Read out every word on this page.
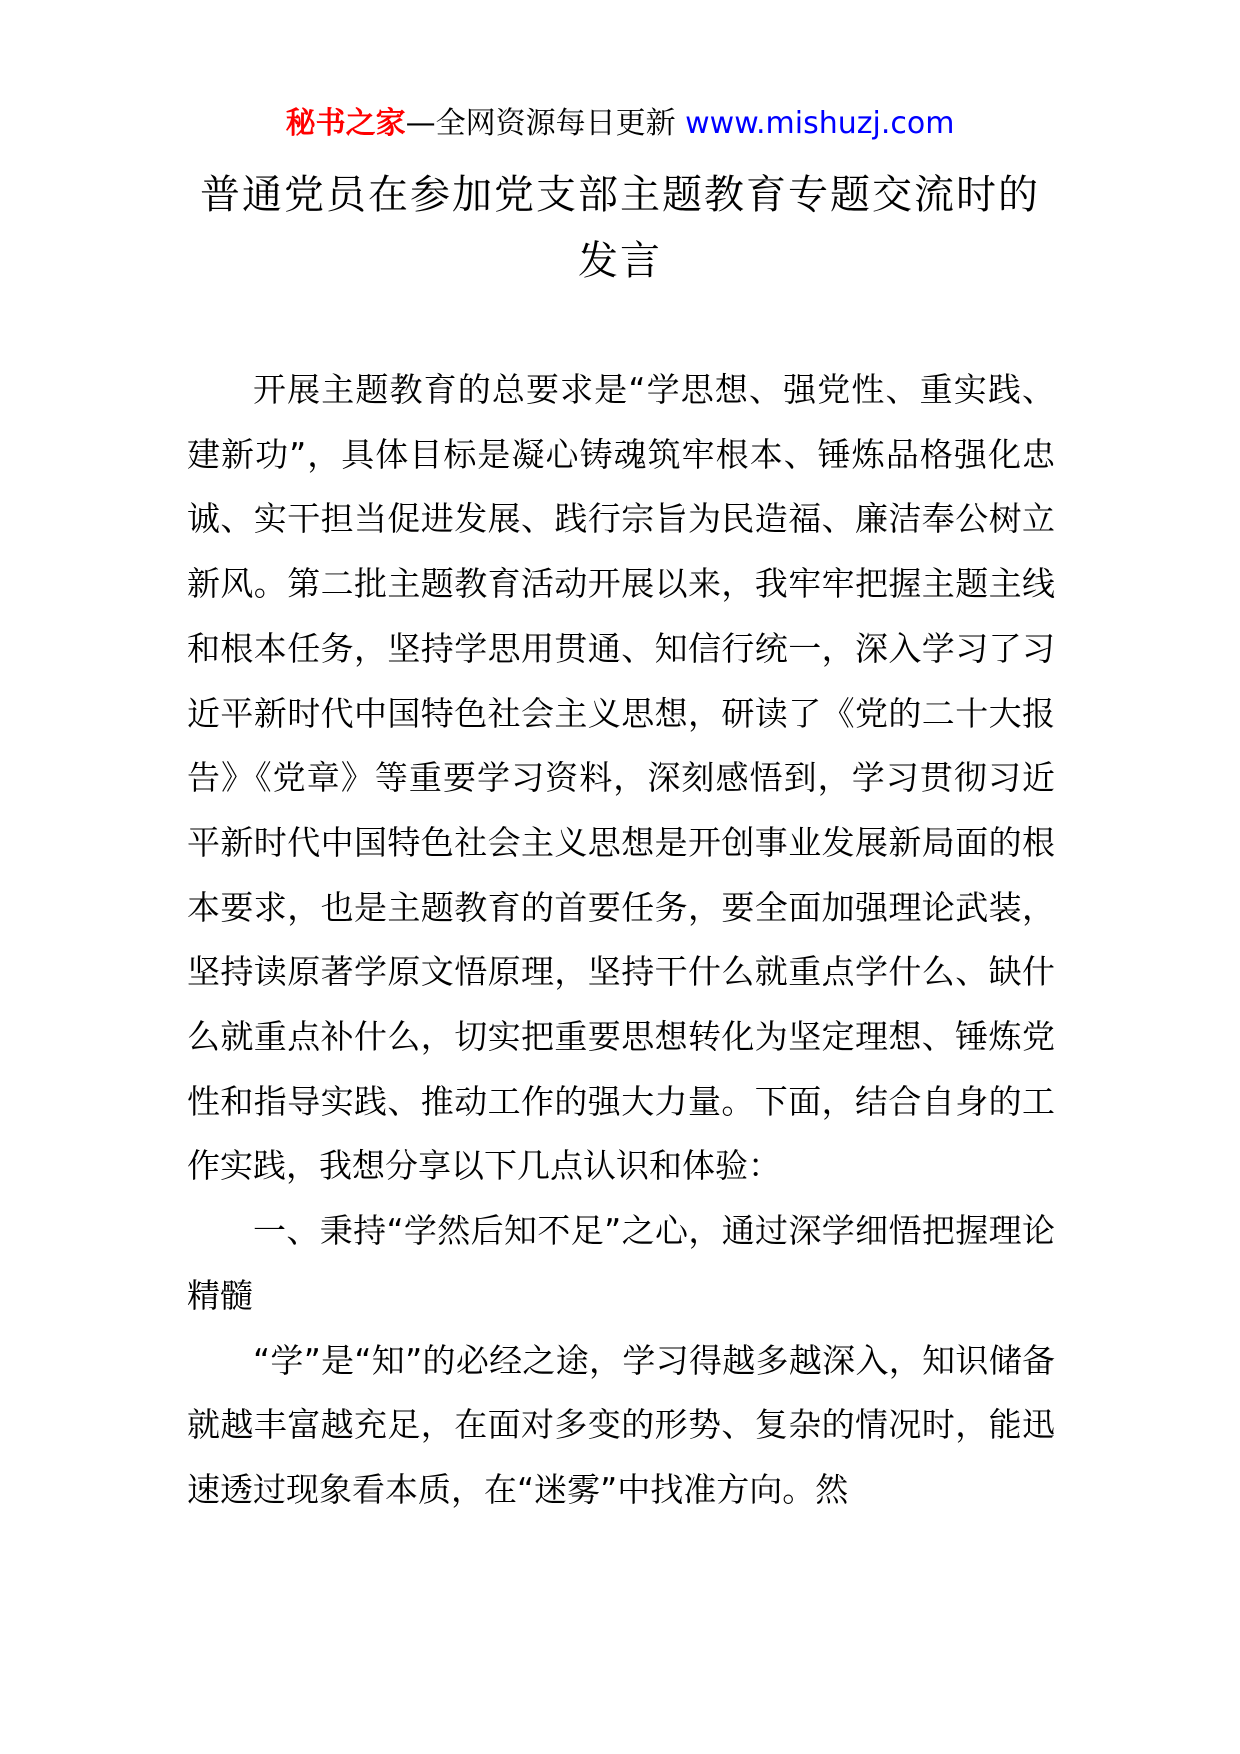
秘书之家—全网资源每日更新 www.mishuzj.com
普通党员在参加党支部主题教育专题交流时的
发言

开展主题教育的总要求是“学思想、强党性、重实践、建新功”，具体目标是凝心铸魂筑牢根本、锤炼品格强化忠诚、实干担当促进发展、践行宗旨为民造福、廉洁奉公树立新风。第二批主题教育活动开展以来，我牢牢把握主题主线和根本任务，坚持学思用贯通、知信行统一，深入学习了习近平新时代中国特色社会主义思想，研读了《党的二十大报告》《党章》等重要学习资料，深刻感悟到，学习贯彻习近平新时代中国特色社会主义思想是开创事业发展新局面的根本要求，也是主题教育的首要任务，要全面加强理论武装，坚持读原著学原文悟原理，坚持干什么就重点学什么、缺什么就重点补什么，切实把重要思想转化为坚定理想、锤炼党性和指导实践、推动工作的强大力量。下面，结合自身的工作实践，我想分享以下几点认识和体验：

一、秉持“学然后知不足”之心，通过深学细悟把握理论精髓

“学”是“知”的必经之途，学习得越多越深入，知识储备就越丰富越充足，在面对多变的形势、复杂的情况时，能迅速透过现象看本质，在“迷雾”中找准方向。然
